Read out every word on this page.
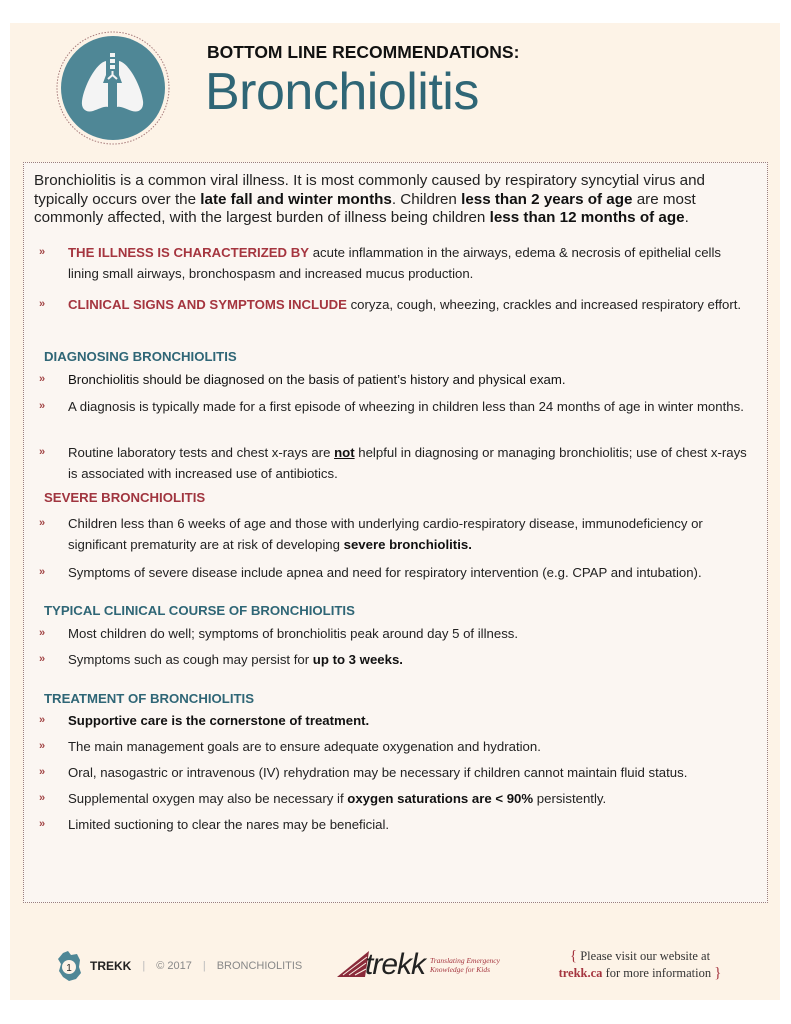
BOTTOM LINE RECOMMENDATIONS:
Bronchiolitis
Bronchiolitis is a common viral illness. It is most commonly caused by respiratory syncytial virus and typically occurs over the late fall and winter months. Children less than 2 years of age are most commonly affected, with the largest burden of illness being children less than 12 months of age.
»	THE ILLNESS IS CHARACTERIZED BY acute inflammation in the airways, edema & necrosis of epithelial cells lining small airways, bronchospasm and increased mucus production.
»	CLINICAL SIGNS AND SYMPTOMS INCLUDE coryza, cough, wheezing, crackles and increased respiratory effort.
DIAGNOSING BRONCHIOLITIS
»	Bronchiolitis should be diagnosed on the basis of patient’s history and physical exam.
»	A diagnosis is typically made for a first episode of wheezing in children less than 24 months of age in winter months.
»	Routine laboratory tests and chest x-rays are not helpful in diagnosing or managing bronchiolitis; use of chest x-rays is associated with increased use of antibiotics.
SEVERE BRONCHIOLITIS
»	Children less than 6 weeks of age and those with underlying cardio-respiratory disease, immunodeficiency or significant prematurity are at risk of developing severe bronchiolitis.
»	Symptoms of severe disease include apnea and need for respiratory intervention (e.g. CPAP and intubation).
TYPICAL CLINICAL COURSE OF BRONCHIOLITIS
»	Most children do well; symptoms of bronchiolitis peak around day 5 of illness.
»	Symptoms such as cough may persist for up to 3 weeks.
TREATMENT OF BRONCHIOLITIS
»	Supportive care is the cornerstone of treatment.
»	The main management goals are to ensure adequate oxygenation and hydration.
»	Oral, nasogastric or intravenous (IV) rehydration may be necessary if children cannot maintain fluid status.
»	Supplemental oxygen may also be necessary if oxygen saturations are < 90% persistently.
»	Limited suctioning to clear the nares may be beneficial.
1 TREKK | © 2017 | BRONCHIOLITIS trekk Translating Emergency
Knowledge for Kids
{ Please visit our website at
trekk.ca for more information }
